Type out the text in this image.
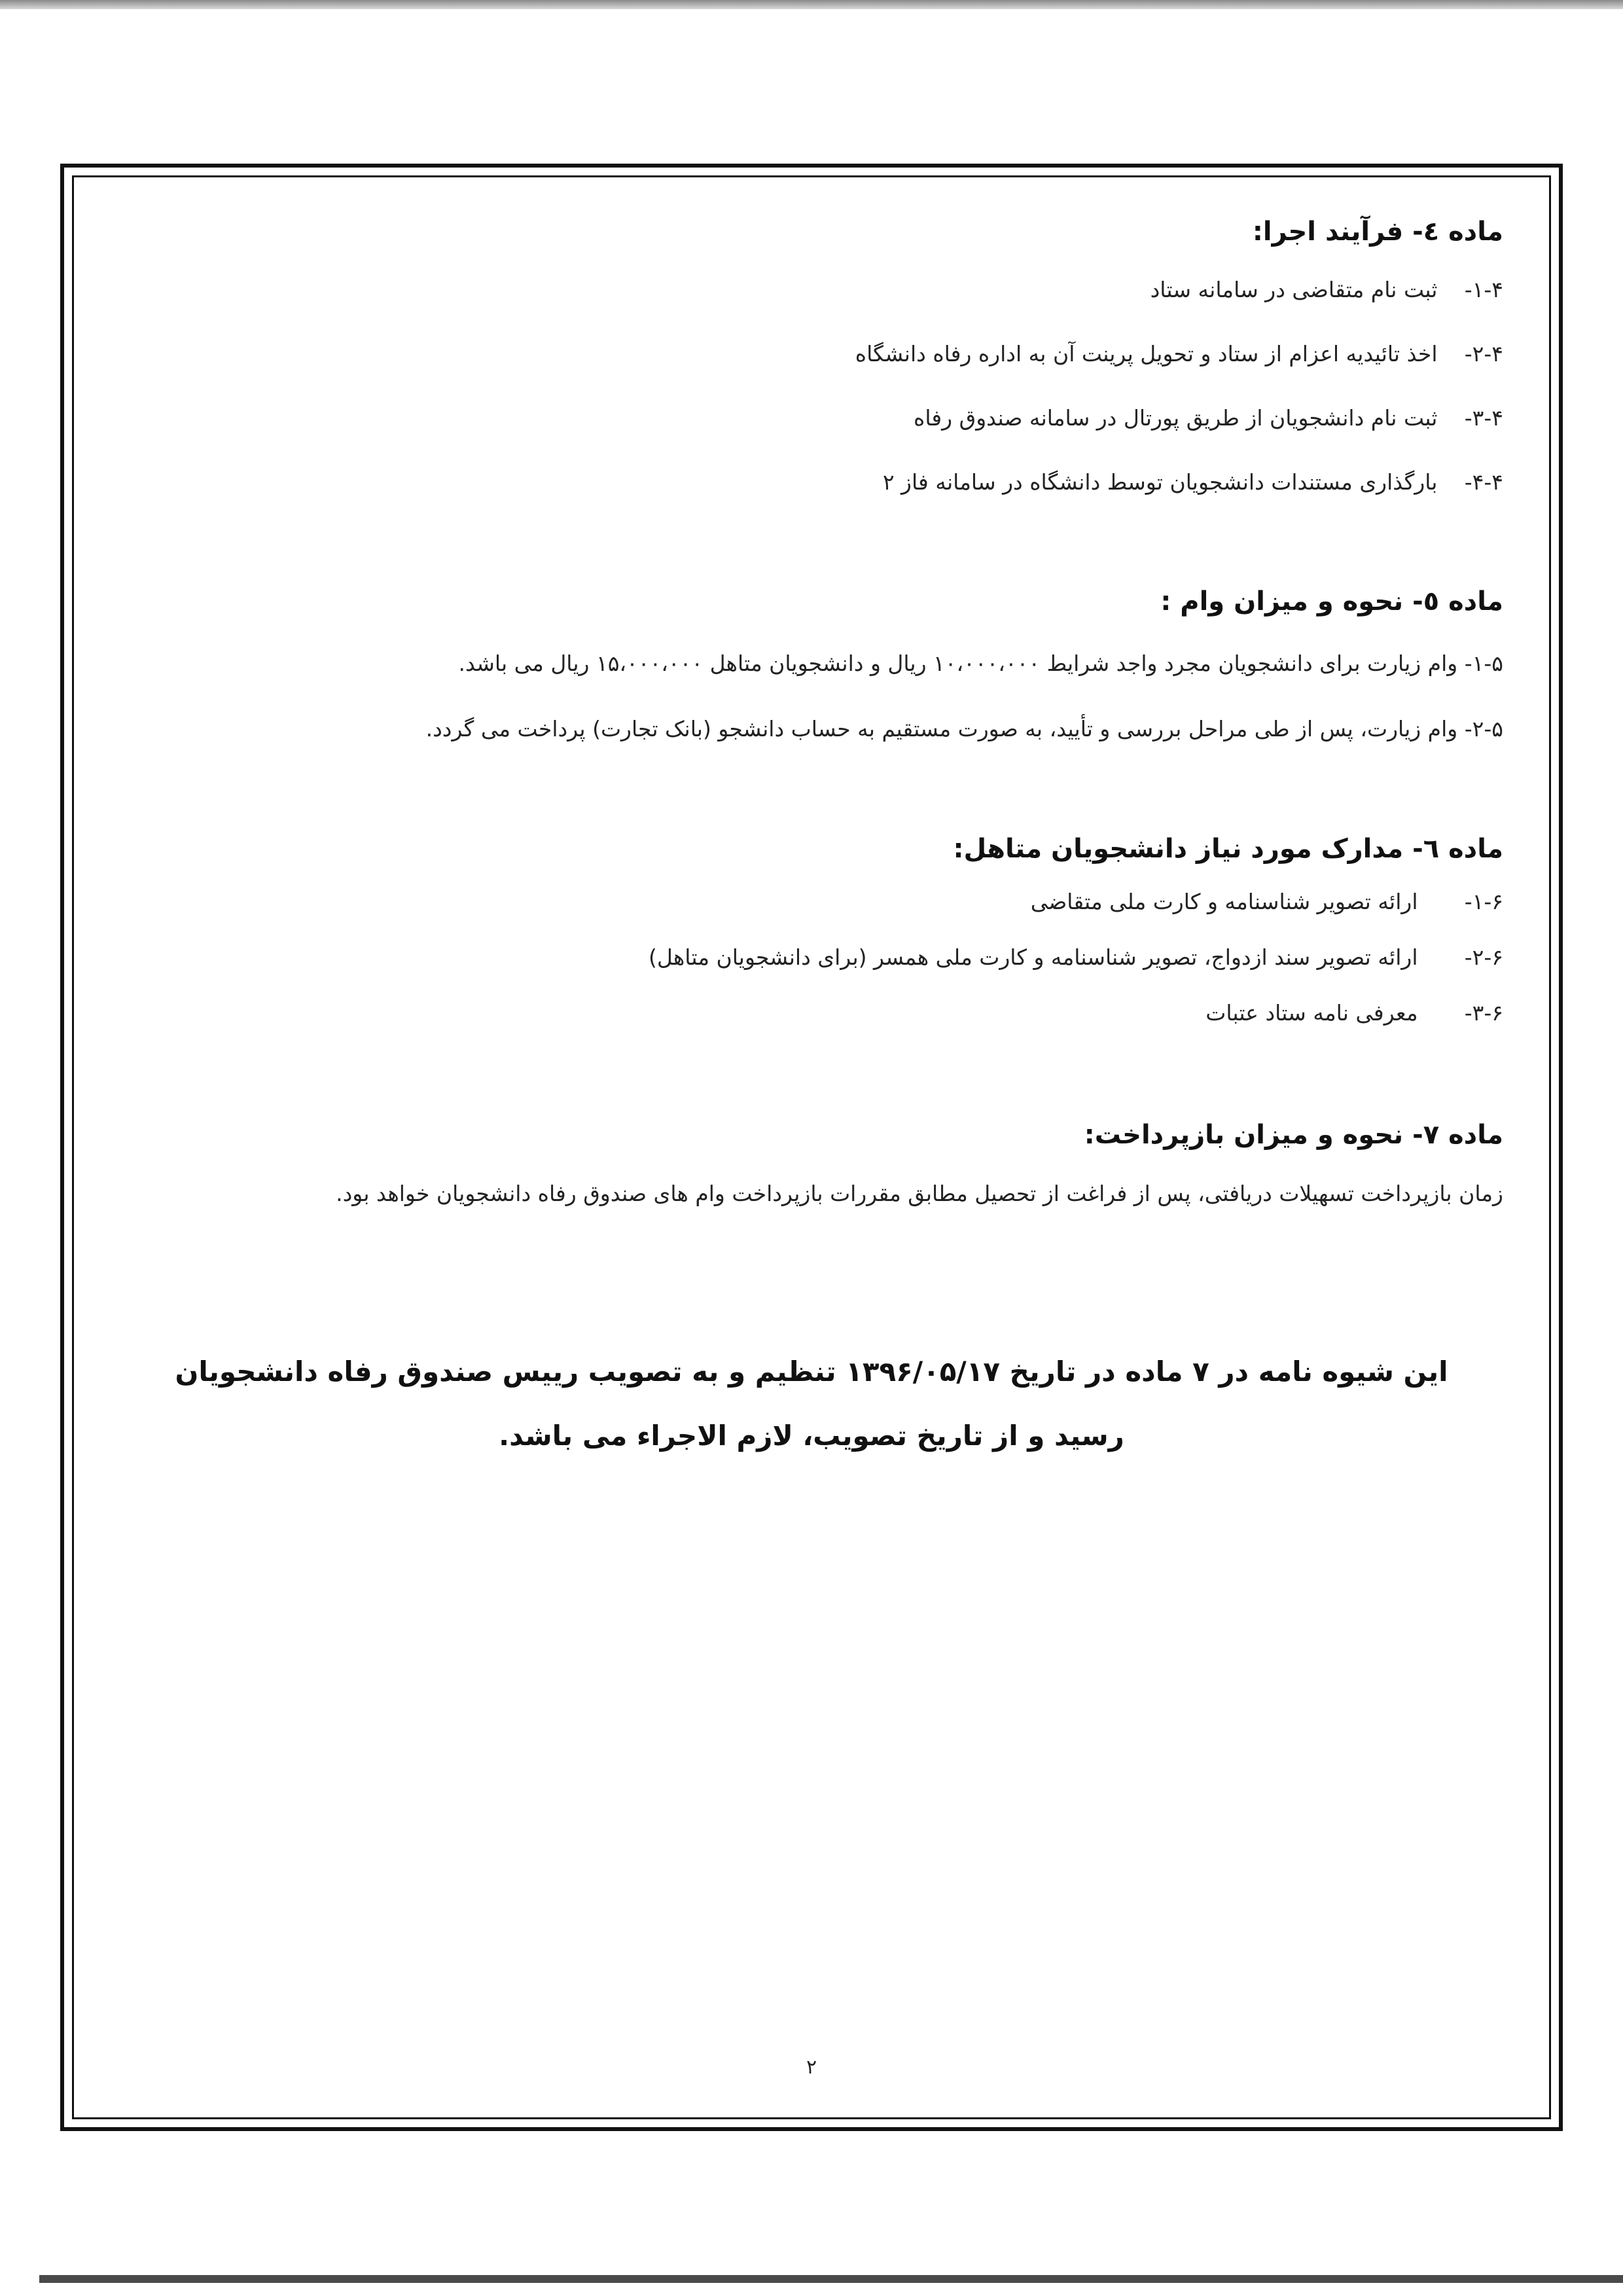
ماده ٤- فرآیند اجرا:
۱-۴- ثبت نام متقاضی در سامانه ستاد
۲-۴- اخذ تائیدیه اعزام از ستاد و تحویل پرینت آن به اداره رفاه دانشگاه
۳-۴- ثبت نام دانشجویان از طریق پورتال در سامانه صندوق رفاه
۴-۴- بارگذاری مستندات دانشجویان توسط دانشگاه در سامانه فاز ۲
ماده ٥- نحوه و میزان وام :
۱-۵- وام زیارت برای دانشجویان مجرد واجد شرایط ۱۰،۰۰۰،۰۰۰ ریال و دانشجویان متاهل ۱۵،۰۰۰،۰۰۰ ریال می باشد.
۲-۵- وام زیارت، پس از طی مراحل بررسی و تأیید، به صورت مستقیم به حساب دانشجو (بانک تجارت) پرداخت می گردد.
ماده ٦- مدارک مورد نیاز دانشجویان متاهل:
۱-۶- ارائه تصویر شناسنامه و کارت ملی متقاضی
۲-۶- ارائه تصویر سند ازدواج، تصویر شناسنامه و کارت ملی همسر (برای دانشجویان متاهل)
۳-۶- معرفی نامه ستاد عتبات
ماده ۷- نحوه و میزان بازپرداخت:
زمان بازپرداخت تسهیلات دریافتی، پس از فراغت از تحصیل مطابق مقررات بازپرداخت وام های صندوق رفاه دانشجویان خواهد بود.
این شیوه نامه در ۷ ماده در تاریخ ۱۳۹۶/۰۵/۱۷ تنظیم و به تصویب رییس صندوق رفاه دانشجویان
رسید و از تاریخ تصویب، لازم الاجراء می باشد.
۲
